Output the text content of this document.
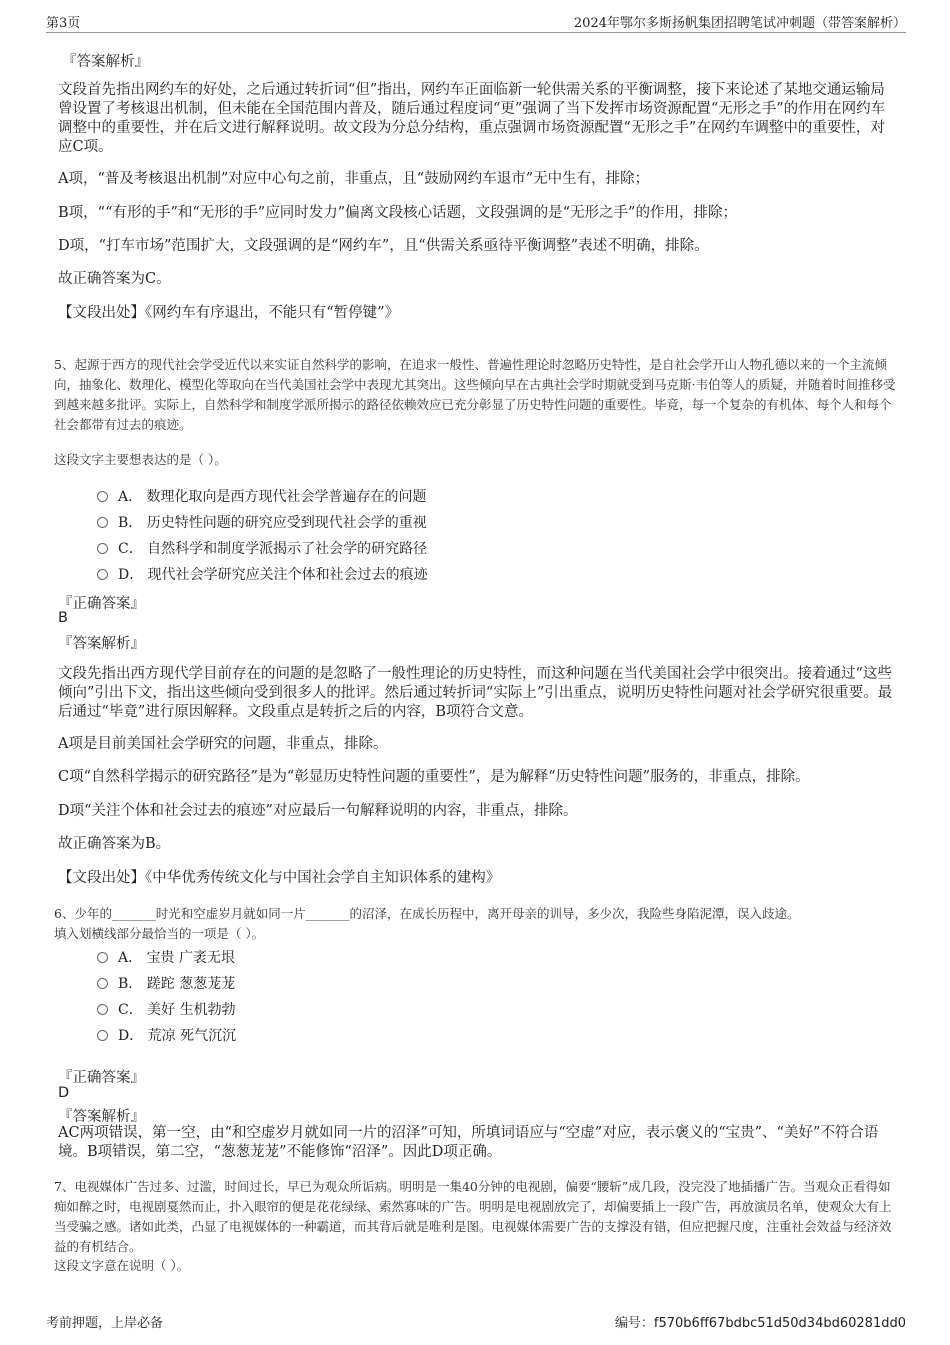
第3页	2024年鄂尔多斯扬帆集团招聘笔试冲刺题（带答案解析）
『答案解析』
文段首先指出网约车的好处，之后通过转折词“但”指出，网约车正面临新一轮供需关系的平衡调整，接下来论述了某地交通运输局曾设置了考核退出机制，但未能在全国范围内普及，随后通过程度词“更”强调了当下发挥市场资源配置“无形之手”的作用在网约车调整中的重要性，并在后文进行解释说明。故文段为分总分结构，重点强调市场资源配置“无形之手”在网约车调整中的重要性，对应C项。
A项，“普及考核退出机制”对应中心句之前，非重点，且“鼓励网约车退市”无中生有，排除；
B项，““有形的手”和“无形的手”应同时发力”偏离文段核心话题，文段强调的是“无形之手”的作用，排除；
D项，“打车市场”范围扩大，文段强调的是“网约车”，且“供需关系亟待平衡调整”表述不明确，排除。
故正确答案为C。
【文段出处】《网约车有序退出，不能只有“暂停键”》
5、起源于西方的现代社会学受近代以来实证自然科学的影响，在追求一般性、普遍性理论时忽略历史特性，是自社会学开山人物孔德以来的一个主流倾向，抽象化、数理化、模型化等取向在当代美国社会学中表现尤其突出。这些倾向早在古典社会学时期就受到马克斯·韦伯等人的质疑，并随着时间推移受到越来越多批评。实际上，自然科学和制度学派所揭示的路径依赖效应已充分彰显了历史特性问题的重要性。毕竟，每一个复杂的有机体、每个人和每个社会都带有过去的痕迹。
这段文字主要想表达的是（ ）。
A． 数理化取向是西方现代社会学普遍存在的问题
B． 历史特性问题的研究应受到现代社会学的重视
C． 自然科学和制度学派揭示了社会学的研究路径
D． 现代社会学研究应关注个体和社会过去的痕迹
『正确答案』
B
『答案解析』
文段先指出西方现代学目前存在的问题的是忽略了一般性理论的历史特性，而这种问题在当代美国社会学中很突出。接着通过“这些倾向”引出下文，指出这些倾向受到很多人的批评。然后通过转折词“实际上”引出重点，说明历史特性问题对社会学研究很重要。最后通过“毕竟”进行原因解释。文段重点是转折之后的内容，B项符合文意。
A项是目前美国社会学研究的问题，非重点，排除。
C项“自然科学揭示的研究路径”是为“彰显历史特性问题的重要性”，是为解释“历史特性问题”服务的，非重点，排除。
D项“关注个体和社会过去的痕迹”对应最后一句解释说明的内容，非重点，排除。
故正确答案为B。
【文段出处】《中华优秀传统文化与中国社会学自主知识体系的建构》
6、少年的_______时光和空虚岁月就如同一片_______的沼泽，在成长历程中，离开母亲的训导，多少次，我险些身陷泥潭，误入歧途。
填入划横线部分最恰当的一项是（ ）。
A． 宝贵 广袤无垠
B． 蹉跎 葱葱茏茏
C． 美好 生机勃勃
D． 荒凉 死气沉沉
『正确答案』
D
『答案解析』
AC两项错误，第一空，由“和空虚岁月就如同一片的沼泽”可知，所填词语应与“空虚”对应，表示褒义的“宝贵”、“美好”不符合语境。B项错误，第二空，“葱葱茏茏”不能修饰“沼泽”。因此D项正确。
7、电视媒体广告过多、过滥，时间过长，早已为观众所诟病。明明是一集40分钟的电视剧，偏要“腰斩”成几段，没完没了地插播广告。当观众正看得如痴如醉之时，电视剧戛然而止，扑入眼帘的便是花花绿绿、索然寡味的广告。明明是电视剧放完了，却偏要插上一段广告，再放演员名单，使观众大有上当受骗之感。诸如此类，凸显了电视媒体的一种霸道，而其背后就是唯利是图。电视媒体需要广告的支撑没有错，但应把握尺度，注重社会效益与经济效益的有机结合。
这段文字意在说明（ ）。
考前押题，上岸必备	编号：f570b6ff67bdbc51d50d34bd60281dd0
